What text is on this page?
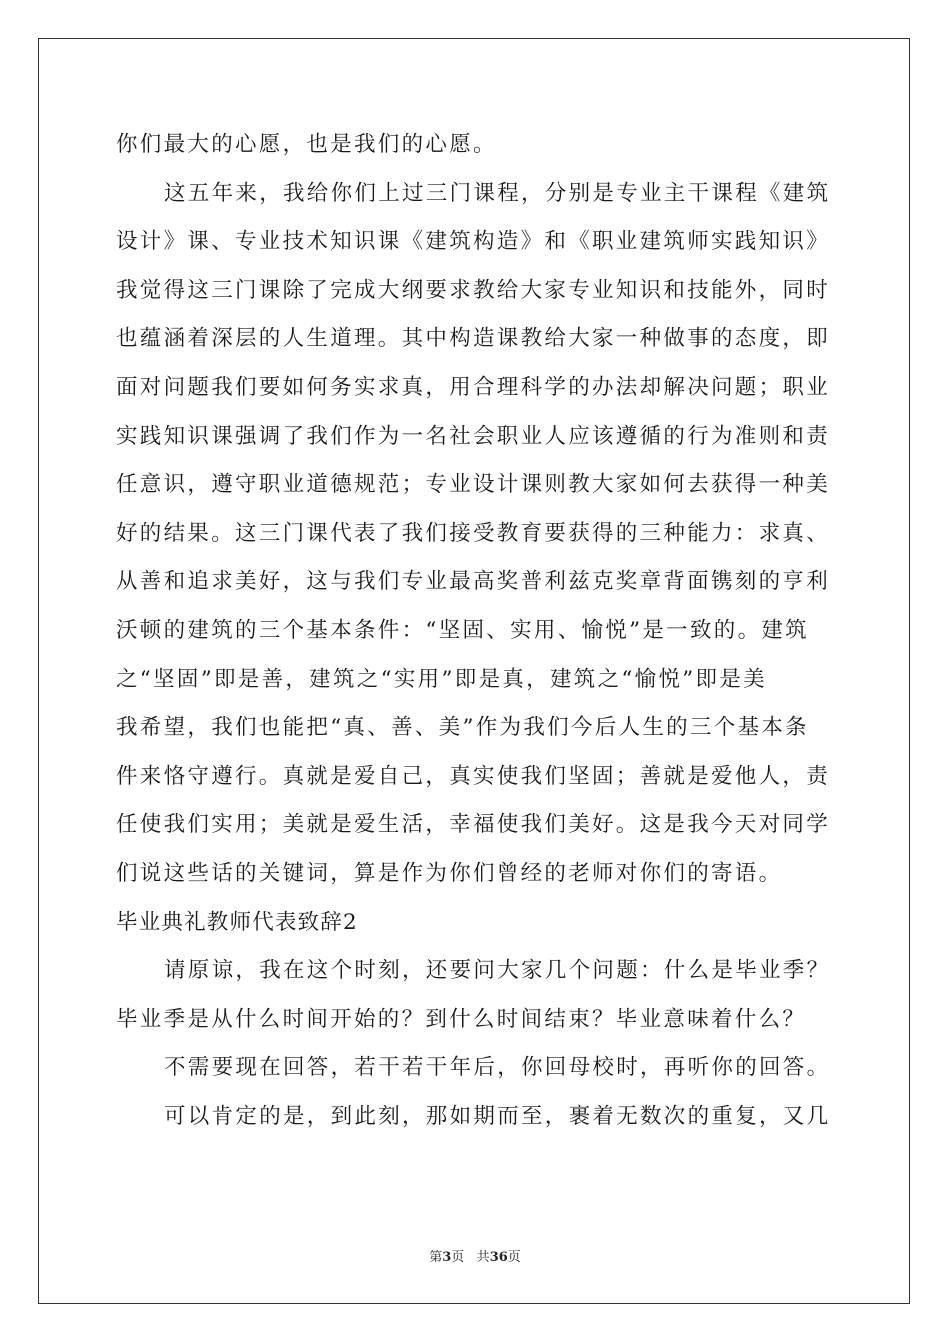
你们最大的心愿，也是我们的心愿。
这五年来，我给你们上过三门课程，分别是专业主干课程《建筑
设计》课、专业技术知识课《建筑构造》和《职业建筑师实践知识》
我觉得这三门课除了完成大纲要求教给大家专业知识和技能外，同时
也蕴涵着深层的人生道理。其中构造课教给大家一种做事的态度，即
面对问题我们要如何务实求真，用合理科学的办法却解决问题；职业
实践知识课强调了我们作为一名社会职业人应该遵循的行为准则和责
任意识，遵守职业道德规范；专业设计课则教大家如何去获得一种美
好的结果。这三门课代表了我们接受教育要获得的三种能力：求真、
从善和追求美好，这与我们专业最高奖普利兹克奖章背面镌刻的亨利
沃顿的建筑的三个基本条件：“坚固、实用、愉悦”是一致的。建筑
之“坚固”即是善，建筑之“实用”即是真，建筑之“愉悦”即是美
我希望，我们也能把“真、善、美”作为我们今后人生的三个基本条
件来恪守遵行。真就是爱自己，真实使我们坚固；善就是爱他人，责
任使我们实用；美就是爱生活，幸福使我们美好。这是我今天对同学
们说这些话的关键词，算是作为你们曾经的老师对你们的寄语。
毕业典礼教师代表致辞2
请原谅，我在这个时刻，还要问大家几个问题：什么是毕业季？
毕业季是从什么时间开始的？到什么时间结束？毕业意味着什么？
不需要现在回答，若干若干年后，你回母校时，再听你的回答。
可以肯定的是，到此刻，那如期而至，裹着无数次的重复，又几
第3页 共36页
